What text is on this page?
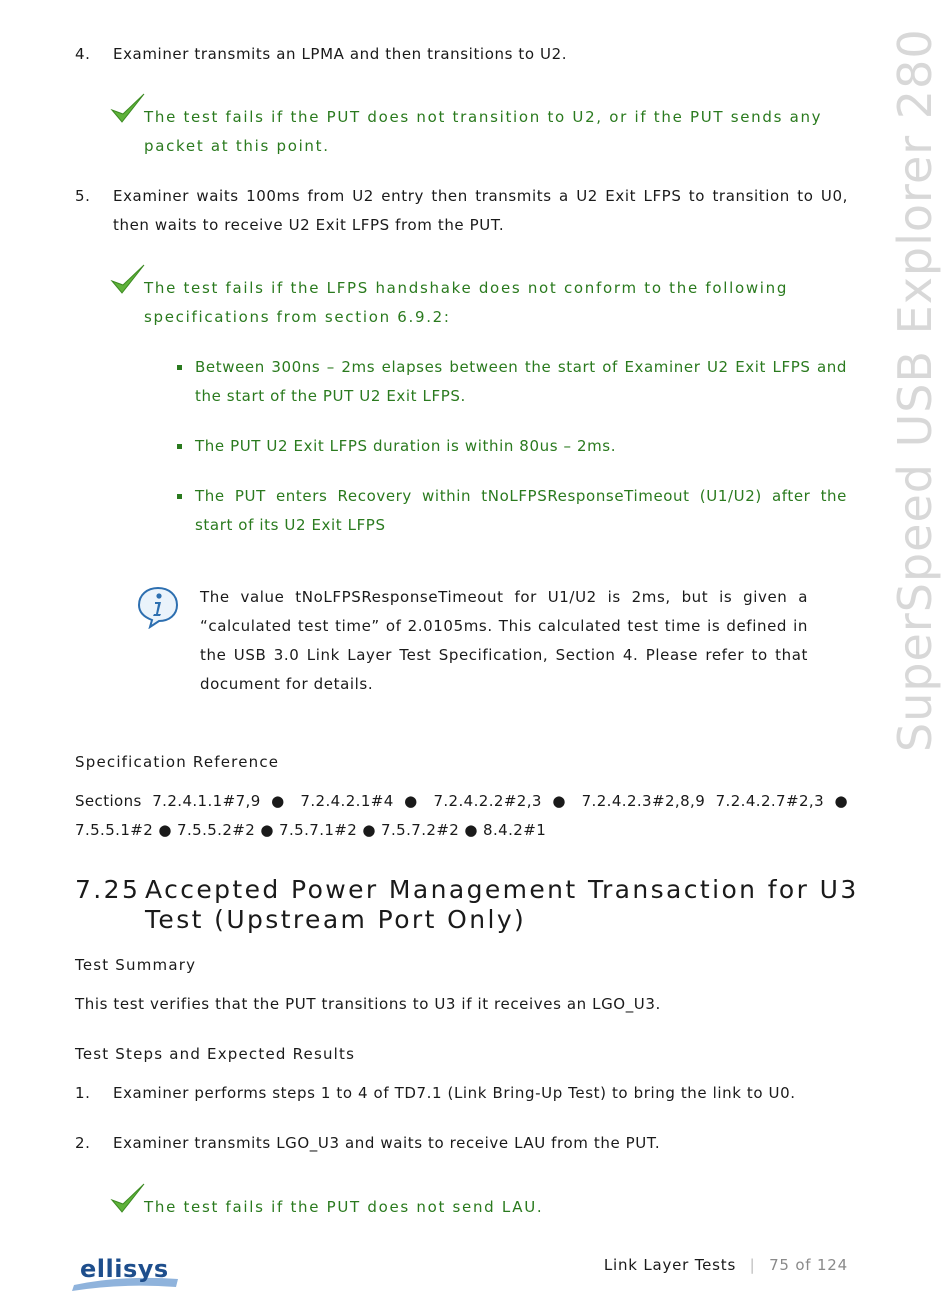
SuperSpeed USB Explorer 280
4. Examiner transmits an LPMA and then transitions to U2.
The test fails if the PUT does not transition to U2, or if the PUT sends any packet at this point.
5. Examiner waits 100ms from U2 entry then transmits a U2 Exit LFPS to transition to U0,
then waits to receive U2 Exit LFPS from the PUT.
The test fails if the LFPS handshake does not conform to the following
specifications from section 6.9.2:
Between 300ns – 2ms elapses between the start of Examiner U2 Exit LFPS and
the start of the PUT U2 Exit LFPS.
The PUT U2 Exit LFPS duration is within 80us – 2ms.
The PUT enters Recovery within tNoLFPSResponseTimeout (U1/U2) after the
start of its U2 Exit LFPS
The value tNoLFPSResponseTimeout for U1/U2 is 2ms, but is given a
“calculated test time” of 2.0105ms. This calculated test time is defined in
the USB 3.0 Link Layer Test Specification, Section 4. Please refer to that
document for details.
Specification Reference
Sections 7.2.4.1.1#7,9 ● 7.2.4.2.1#4 ● 7.2.4.2.2#2,3 ● 7.2.4.2.3#2,8,9 7.2.4.2.7#2,3 ●
7.5.5.1#2 ● 7.5.5.2#2 ● 7.5.7.1#2 ● 7.5.7.2#2 ● 8.4.2#1
7.25 Accepted Power Management Transaction for U3
Test (Upstream Port Only)
Test Summary
This test verifies that the PUT transitions to U3 if it receives an LGO_U3.
Test Steps and Expected Results
1. Examiner performs steps 1 to 4 of TD7.1 (Link Bring-Up Test) to bring the link to U0.
2. Examiner transmits LGO_U3 and waits to receive LAU from the PUT.
The test fails if the PUT does not send LAU.
ellisys	Link Layer Tests | 75 of 124
